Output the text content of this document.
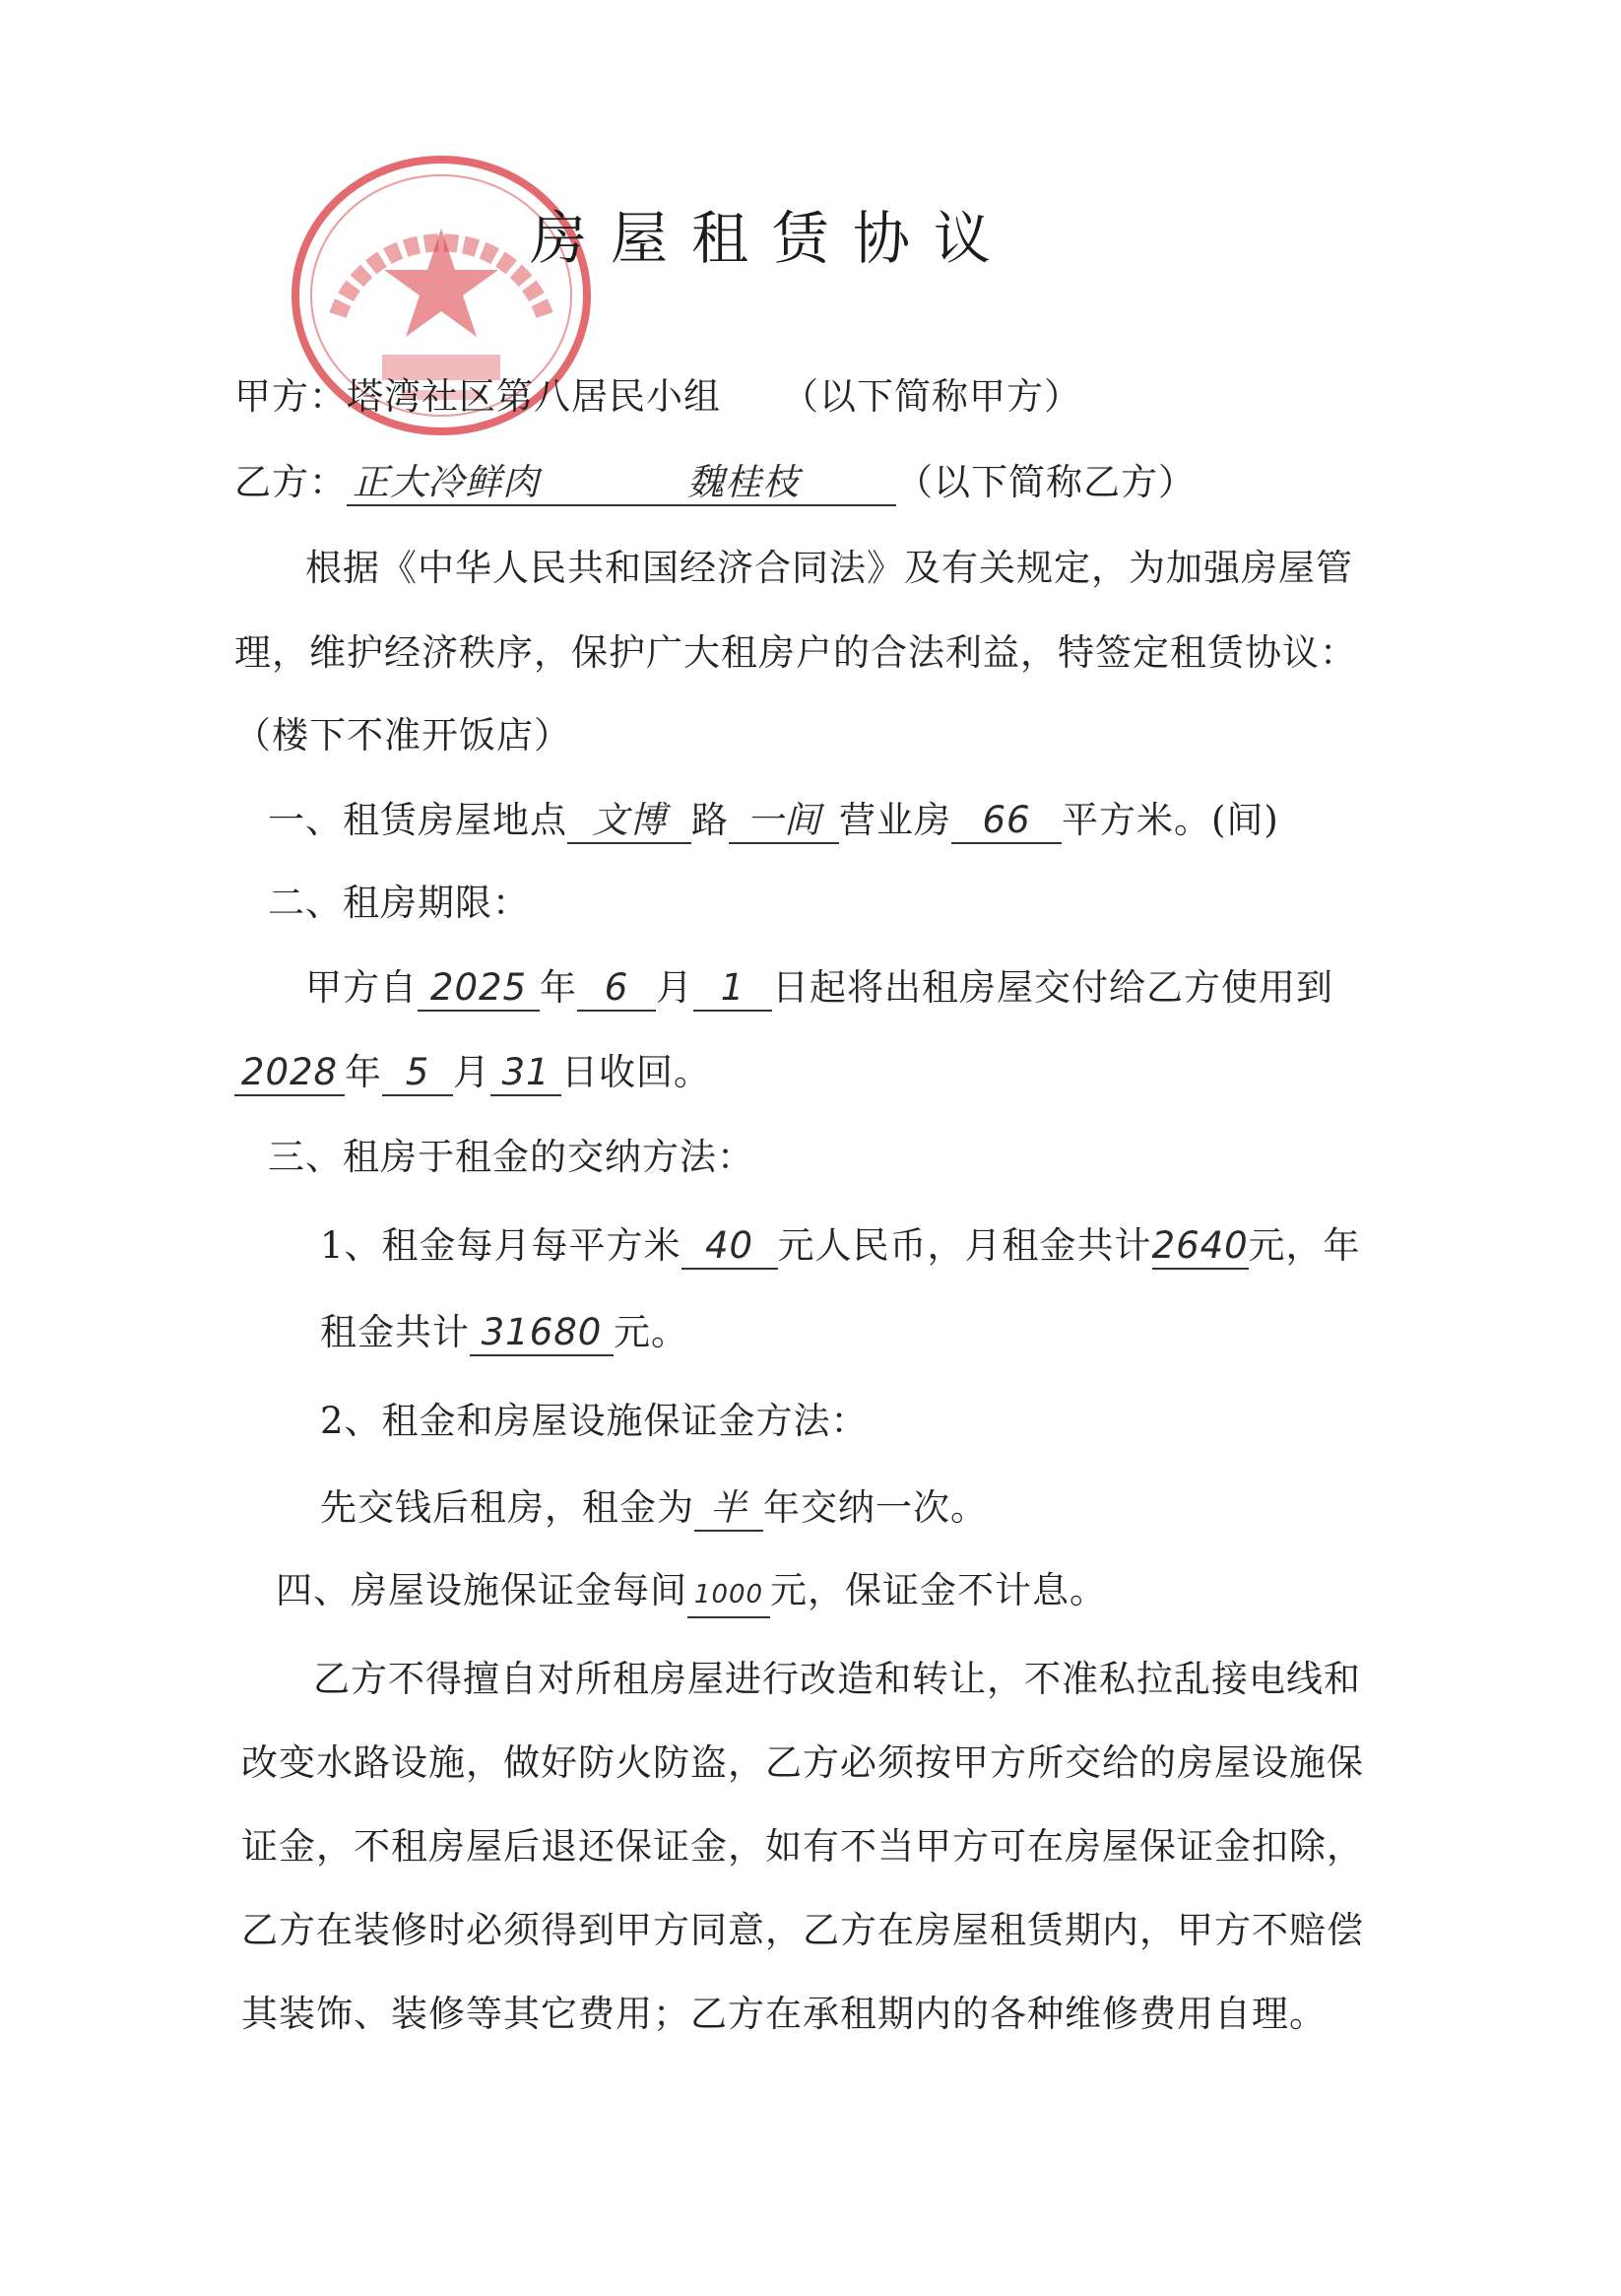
房屋租赁协议
甲方：塔湾社区第八居民小组 （以下简称甲方）
乙方： 正大冷鲜肉	魏桂枝	（以下简称乙方）
根据《中华人民共和国经济合同法》及有关规定，为加强房屋管
理，维护经济秩序，保护广大租房户的合法利益，特签定租赁协议：
（楼下不准开饭店）
一、租赁房屋地点 文博 路 一间 营业房 66 平方米。(间)
二、租房期限：
甲方自 2025 年 6 月 1 日起将出租房屋交付给乙方使用到
2028 年 5 月 31 日收回。
三、租房于租金的交纳方法：
1、租金每月每平方米 40 元人民币，月租金共计2640元，年
租金共计 31680 元。
2、租金和房屋设施保证金方法：
先交钱后租房，租金为 半 年交纳一次。
四、房屋设施保证金每间 1000 元，保证金不计息。
乙方不得擅自对所租房屋进行改造和转让，不准私拉乱接电线和
改变水路设施，做好防火防盗，乙方必须按甲方所交给的房屋设施保
证金，不租房屋后退还保证金，如有不当甲方可在房屋保证金扣除，
乙方在装修时必须得到甲方同意，乙方在房屋租赁期内，甲方不赔偿
其装饰、装修等其它费用；乙方在承租期内的各种维修费用自理。
